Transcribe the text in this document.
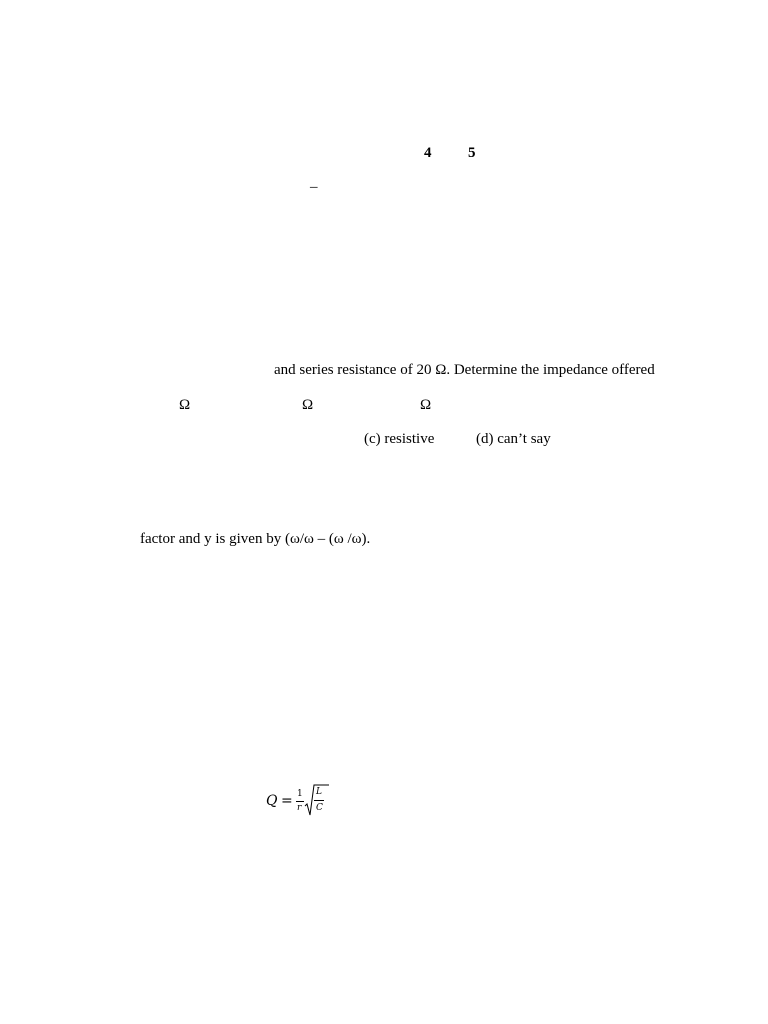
4 5
–
and series resistance of 20 Ω. Determine the impedance offered
Ω	Ω	Ω
(c) resistive	(d) can’t say
factor and y is given by (ω/ω – (ω /ω).
Q = 1
r
L
C
